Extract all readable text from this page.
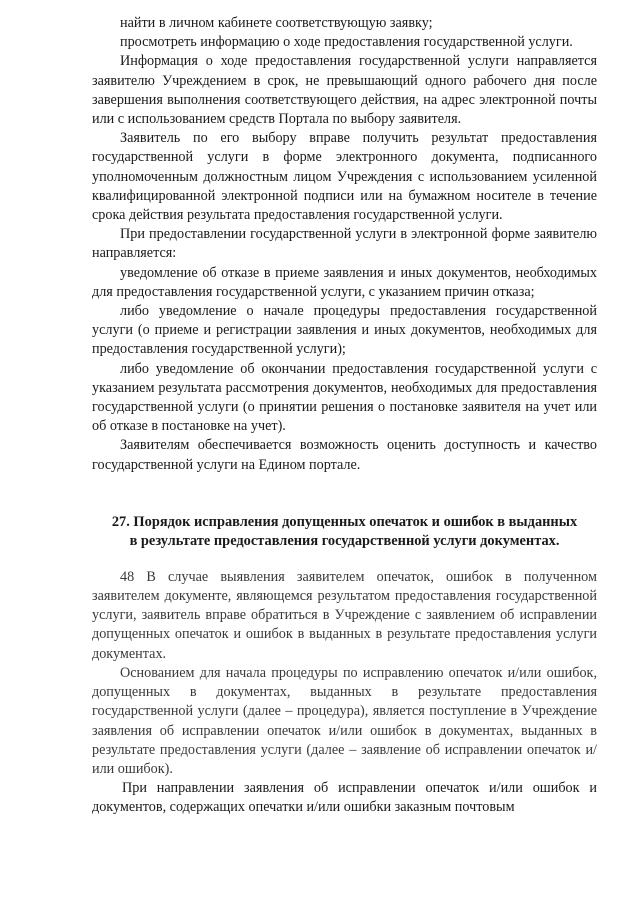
найти в личном кабинете соответствующую заявку;

просмотреть информацию о ходе предоставления государственной услуги.

Информация о ходе предоставления государственной услуги направляется заявителю Учреждением в срок, не превышающий одного рабочего дня после завершения выполнения соответствующего действия, на адрес электронной почты или с использованием средств Портала по выбору заявителя.

Заявитель по его выбору вправе получить результат предоставления государственной услуги в форме электронного документа, подписанного уполномоченным должностным лицом Учреждения с использованием усиленной квалифицированной электронной подписи или на бумажном носителе в течение срока действия результата предоставления государственной услуги.

При предоставлении государственной услуги в электронной форме заявителю направляется:

уведомление об отказе в приеме заявления и иных документов, необходимых для предоставления государственной услуги, с указанием причин отказа;

либо уведомление о начале процедуры предоставления государственной услуги (о приеме и регистрации заявления и иных документов, необходимых для предоставления государственной услуги);

либо уведомление об окончании предоставления государственной услуги с указанием результата рассмотрения документов, необходимых для предоставления государственной услуги (о принятии решения о постановке заявителя на учет или об отказе в постановке на учет).

Заявителям обеспечивается возможность оценить доступность и качество государственной услуги на Едином портале.

27. Порядок исправления допущенных опечаток и ошибок в выданных

в результате предоставления государственной услуги документах.

48 В случае выявления заявителем опечаток, ошибок в полученном заявителем документе, являющемся результатом предоставления государственной услуги, заявитель вправе обратиться в Учреждение с заявлением об исправлении допущенных опечаток и ошибок в выданных в результате предоставления услуги документах.

Основанием для начала процедуры по исправлению опечаток и/или ошибок, допущенных в документах, выданных в результате предоставления государственной услуги (далее – процедура), является поступление в Учреждение заявления об исправлении опечаток и/или ошибок в документах, выданных в результате предоставления услуги (далее – заявление об исправлении опечаток и/или ошибок).

При направлении заявления об исправлении опечаток и/или ошибок и документов, содержащих опечатки и/или ошибки заказным почтовым
